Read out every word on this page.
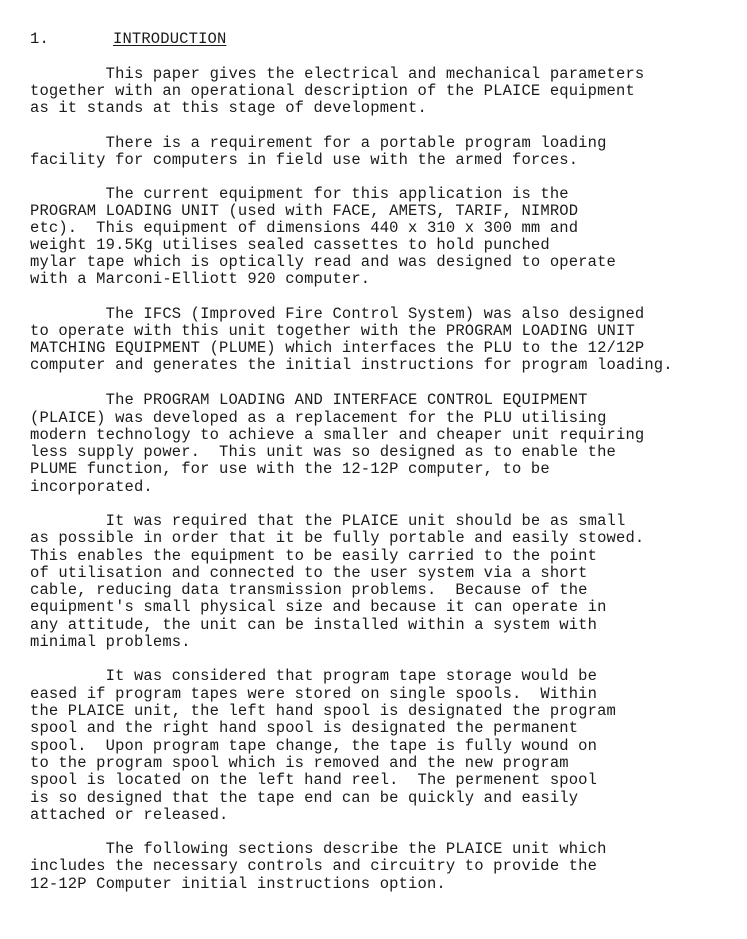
1.	INTRODUCTION
This paper gives the electrical and mechanical parameters
together with an operational description of the PLAICE equipment
as it stands at this stage of development.
There is a requirement for a portable program loading
facility for computers in field use with the armed forces.
The current equipment for this application is the
PROGRAM LOADING UNIT (used with FACE, AMETS, TARIF, NIMROD
etc).  This equipment of dimensions 440 x 310 x 300 mm and
weight 19.5Kg utilises sealed cassettes to hold punched
mylar tape which is optically read and was designed to operate
with a Marconi-Elliott 920 computer.
The IFCS (Improved Fire Control System) was also designed
to operate with this unit together with the PROGRAM LOADING UNIT
MATCHING EQUIPMENT (PLUME) which interfaces the PLU to the 12/12P
computer and generates the initial instructions for program loading.
The PROGRAM LOADING AND INTERFACE CONTROL EQUIPMENT
(PLAICE) was developed as a replacement for the PLU utilising
modern technology to achieve a smaller and cheaper unit requiring
less supply power.  This unit was so designed as to enable the
PLUME function, for use with the 12-12P computer, to be
incorporated.
It was required that the PLAICE unit should be as small
as possible in order that it be fully portable and easily stowed.
This enables the equipment to be easily carried to the point
of utilisation and connected to the user system via a short
cable, reducing data transmission problems.  Because of the
equipment's small physical size and because it can operate in
any attitude, the unit can be installed within a system with
minimal problems.
It was considered that program tape storage would be
eased if program tapes were stored on single spools.  Within
the PLAICE unit, the left hand spool is designated the program
spool and the right hand spool is designated the permanent
spool.  Upon program tape change, the tape is fully wound on
to the program spool which is removed and the new program
spool is located on the left hand reel.  The permenent spool
is so designed that the tape end can be quickly and easily
attached or released.
The following sections describe the PLAICE unit which
includes the necessary controls and circuitry to provide the
12-12P Computer initial instructions option.
